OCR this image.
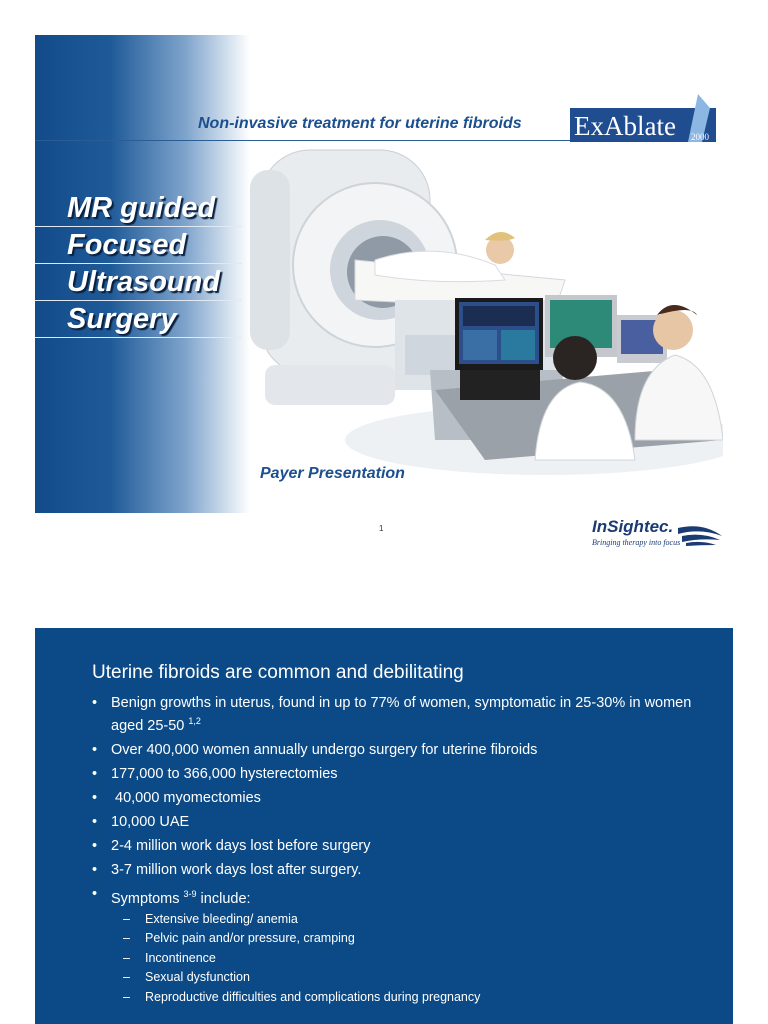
Non-invasive treatment for uterine fibroids ExAblate 2000
MR guided
Focused
Ultrasound
Surgery
Payer Presentation
1	InSightec.
Bringing therapy into focus
Uterine fibroids are common and debilitating
• Benign growths in uterus, found in up to 77% of women, symptomatic in 25-30% in women aged 25-50 $^{1,2}$
• Over 400,000 women annually undergo surgery for uterine fibroids
• 177,000 to 366,000 hysterectomies
•  40,000 myomectomies
• 10,000 UAE
• 2-4 million work days lost before surgery
• 3-7 million work days lost after surgery.
• Symptoms $^{3-9}$ include:
– Extensive bleeding/ anemia
– Pelvic pain and/or pressure, cramping
– Incontinence
– Sexual dysfunction
– Reproductive difficulties and complications during pregnancy
